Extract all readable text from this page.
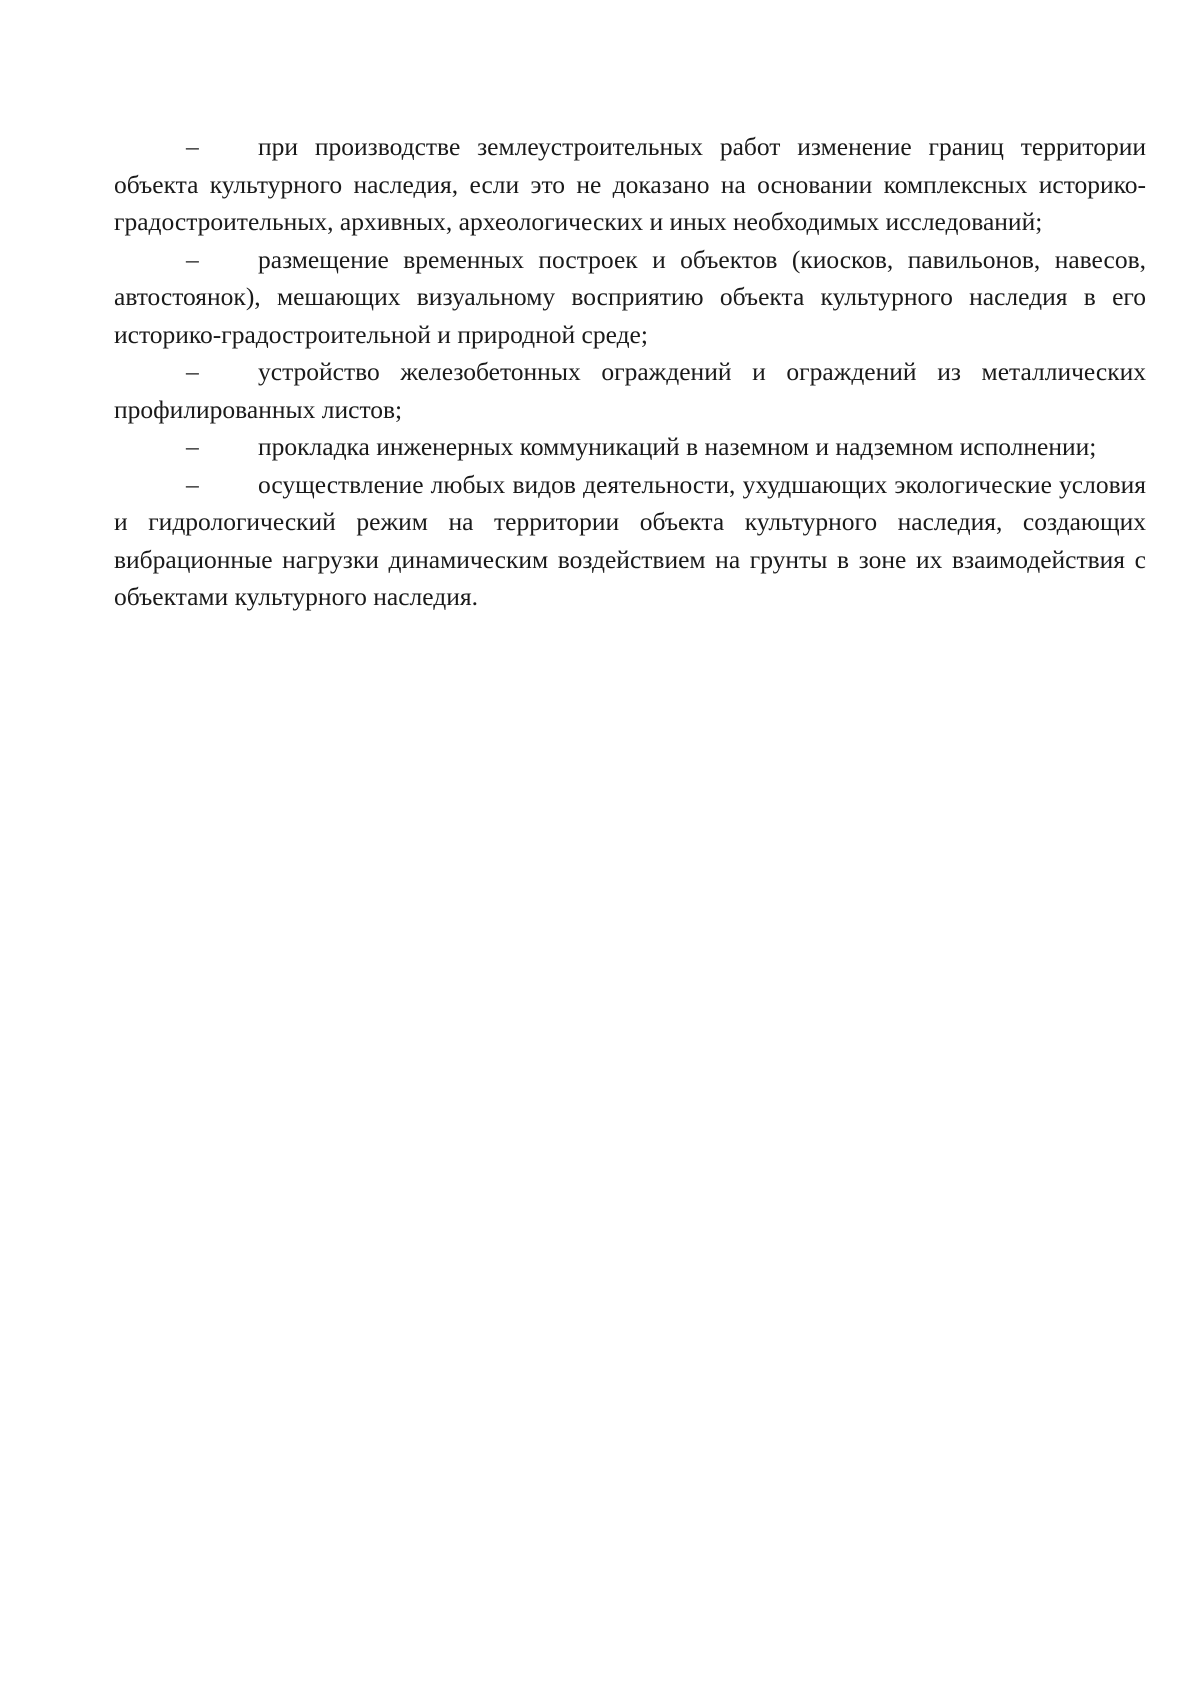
– при производстве землеустроительных работ изменение границ территории объекта культурного наследия, если это не доказано на основании комплексных историко-градостроительных, архивных, археологических и иных необходимых исследований;

– размещение временных построек и объектов (киосков, павильонов, навесов, автостоянок), мешающих визуальному восприятию объекта культурного наследия в его историко-градостроительной и природной среде;

– устройство железобетонных ограждений и ограждений из металлических профилированных листов;

– прокладка инженерных коммуникаций в наземном и надземном исполнении;

– осуществление любых видов деятельности, ухудшающих экологические условия и гидрологический режим на территории объекта культурного наследия, создающих вибрационные нагрузки динамическим воздействием на грунты в зоне их взаимодействия с объектами культурного наследия.
